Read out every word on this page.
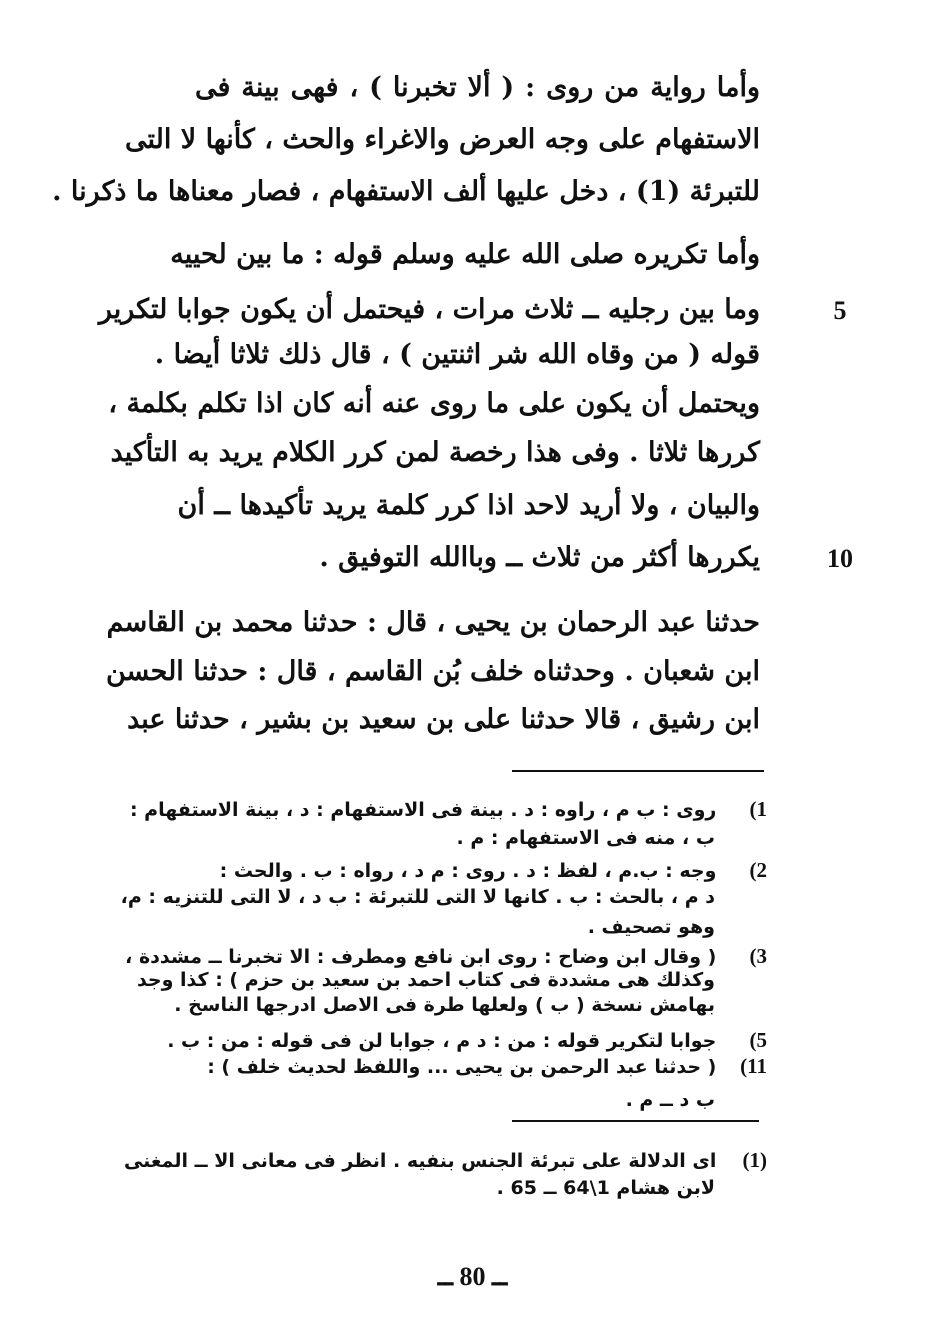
وأما رواية من روى : ( ألا تخبرنا ) ، فهى بينة فى
الاستفهام على وجه العرض والاغراء والحث ، كأنها لا التى
للتبرئة (1) ، دخل عليها ألف الاستفهام ، فصار معناها ما ذكرنا .
وأما تكريره صلى الله عليه وسلم قوله : ما بين لحييه
وما بين رجليه ــ ثلاث مرات ، فيحتمل أن يكون جوابا لتكرير
قوله ( من وقاه الله شر اثنتين ) ، قال ذلك ثلاثا أيضا .
ويحتمل أن يكون على ما روى عنه أنه كان اذا تكلم بكلمة ،
كررها ثلاثا . وفى هذا رخصة لمن كرر الكلام يريد به التأكيد
والبيان ، ولا أريد لاحد اذا كرر كلمة يريد تأكيدها ــ أن
يكررها أكثر من ثلاث ــ وباالله التوفيق .
حدثنا عبد الرحمان بن يحيى ، قال : حدثنا محمد بن القاسم
ابن شعبان . وحدثناه خلف بُن القاسم ، قال : حدثنا الحسن
ابن رشيق ، قالا حدثنا على بن سعيد بن بشير ، حدثنا عبد
5
10
1) روى : ب م ، راوه : د . بينة فى الاستفهام : د ، بينة الاستفهام :
ب ، منه فى الاستفهام : م .
2) وجه : ب.م ، لفظ : د . روى : م د ، رواه : ب . والحث :
د م ، بالحث : ب . كانها لا التى للتبرئة : ب د ، لا التى للتنزيه : م،
وهو تصحيف .
3) ( وقال ابن وضاح : روى ابن نافع ومطرف : الا تخبرنا ــ مشددة ،
وكذلك هى مشددة فى كتاب احمد بن سعيد بن حزم ) : كذا وجد
بهامش نسخة ( ب ) ولعلها طرة فى الاصل ادرجها الناسخ .
5) جوابا لتكرير قوله : من : د م ، جوابا لن فى قوله : من : ب .
11) ( حدثنا عبد الرحمن بن يحيى ... واللفظ لحديث خلف ) :
ب د ــ م .
(1) اى الدلالة على تبرئة الجنس بنفيه . انظر فى معانى الا ــ المغنى
لابن هشام 1\64 ــ 65 .
ــ 80 ــ
